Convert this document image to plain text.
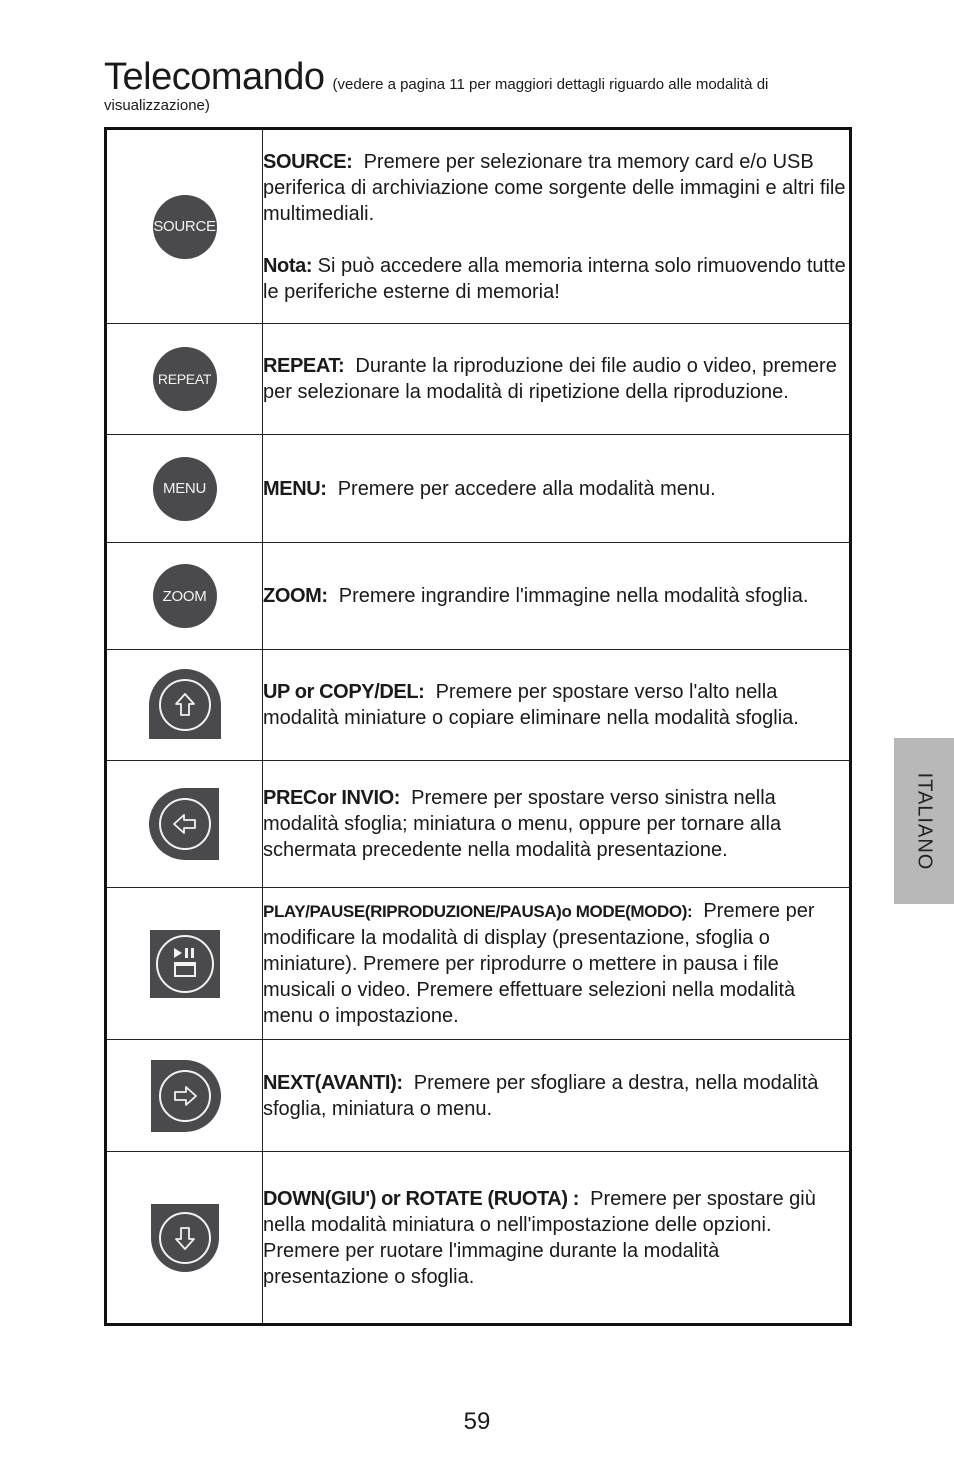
Telecomando (vedere a pagina 11 per maggiori dettagli riguardo alle modalità di
visualizzazione)
SOURCE	SOURCE: Premere per selezionare tra memory card e/o USB periferica di archiviazione come sorgente delle immagini e altri file multimediali.
Nota: Si può accedere alla memoria interna solo rimuovendo tutte le periferiche esterne di memoria!

REPEAT	REPEAT: Durante la riproduzione dei file audio o video, premere per selezionare la modalità di ripetizione della riproduzione.

MENU	MENU: Premere per accedere alla modalità menu.

ZOOM	ZOOM: Premere ingrandire l'immagine nella modalità sfoglia.
	UP or COPY/DEL: Premere per spostare verso l'alto nella modalità miniature o copiare eliminare nella modalità sfoglia.
	PRECor INVIO: Premere per spostare verso sinistra nella modalità sfoglia; miniatura o menu, oppure per tornare alla schermata precedente nella modalità presentazione.
	PLAY/PAUSE(RIPRODUZIONE/PAUSA)o MODE(MODO): Premere per modificare la modalità di display (presentazione, sfoglia o miniature). Premere per riprodurre o mettere in pausa i file musicali o video. Premere effettuare selezioni nella modalità menu o impostazione.
	NEXT(AVANTI): Premere per sfogliare a destra, nella modalità sfoglia, miniatura o menu.
	DOWN(GIU') or ROTATE (RUOTA) : Premere per spostare giù nella modalità miniatura o nell'impostazione delle opzioni. Premere per ruotare l'immagine durante la modalità presentazione o sfoglia.
ITALIANO
59
